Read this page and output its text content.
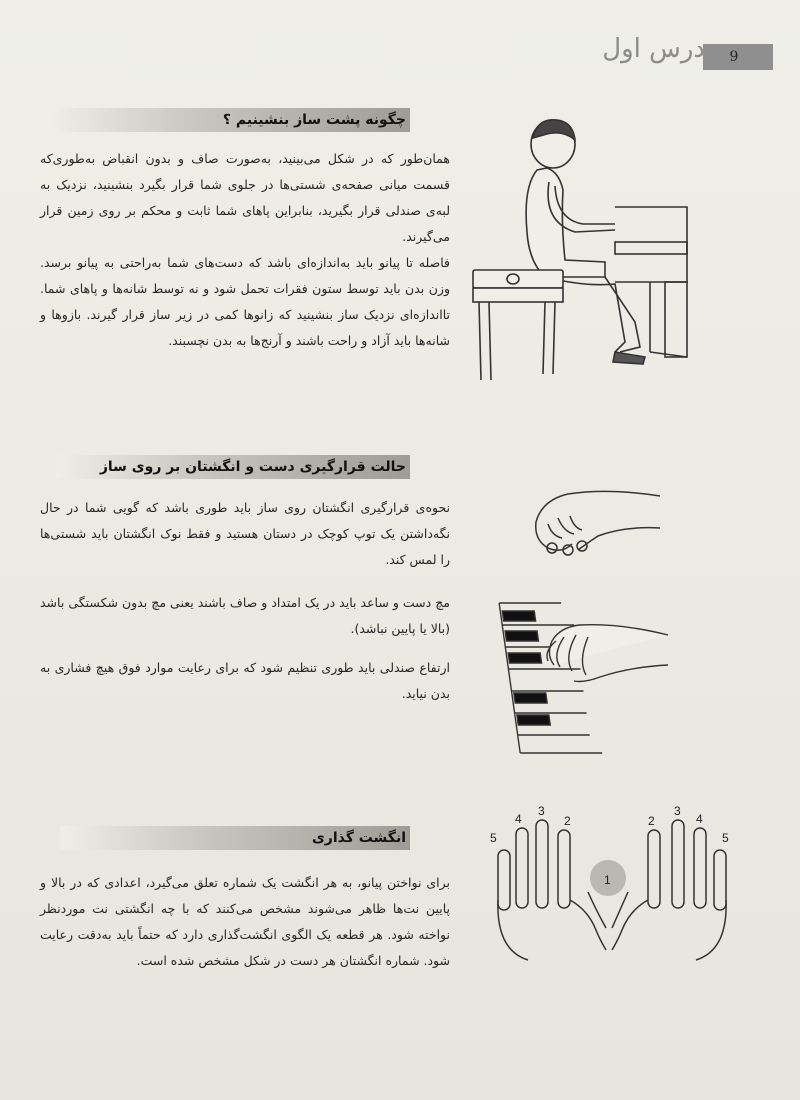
9
درس اول
چگونه پشت ساز بنشینیم ؟
همان‌طور که در شکل می‌بینید، به‌صورت صاف و بدون انقباض به‌طوری‌که قسمت میانی صفحه‌ی شستی‌ها در جلوی شما قرار بگیرد بنشینید، نزدیک به لبه‌ی صندلی قرار بگیرید، بنابراین پاهای شما ثابت و محکم بر روی زمین قرار می‌گیرند.
فاصله تا پیانو باید به‌اندازه‌ای باشد که دست‌های شما به‌راحتی به پیانو برسد. وزن بدن باید توسط ستون فقرات تحمل شود و نه توسط شانه‌ها و پاهای شما. تااندازه‌ای نزدیک ساز بنشینید که زانوها کمی در زیر ساز قرار گیرند. بازوها و شانه‌ها باید آزاد و راحت باشند و آرنج‌ها به بدن نچسبند.
حالت قرارگیری دست و انگشتان بر روی ساز
نحوه‌ی قرارگیری انگشتان روی ساز باید طوری باشد که گویی شما در حال نگه‌داشتن یک توپ کوچک در دستان هستید و فقط نوک انگشتان باید شستی‌ها را لمس کند.
مچ دست و ساعد باید در یک امتداد و صاف باشند یعنی مچ بدون شکستگی باشد (بالا یا پایین نباشد).
ارتفاع صندلی باید طوری تنظیم شود که برای رعایت موارد فوق هیچ فشاری به بدن نیاید.
انگشت گذاری
برای نواختن پیانو، به هر انگشت یک شماره تعلق می‌گیرد، اعدادی که در بالا و پایین نت‌ها ظاهر می‌شوند مشخص می‌کنند که با چه انگشتی نت موردنظر نواخته شود. هر قطعه یک الگوی انگشت‌گذاری دارد که حتماً باید به‌دقت رعایت شود. شماره انگشتان هر دست در شکل مشخص شده است.
5
4
3
2	2
3
4
5
1
